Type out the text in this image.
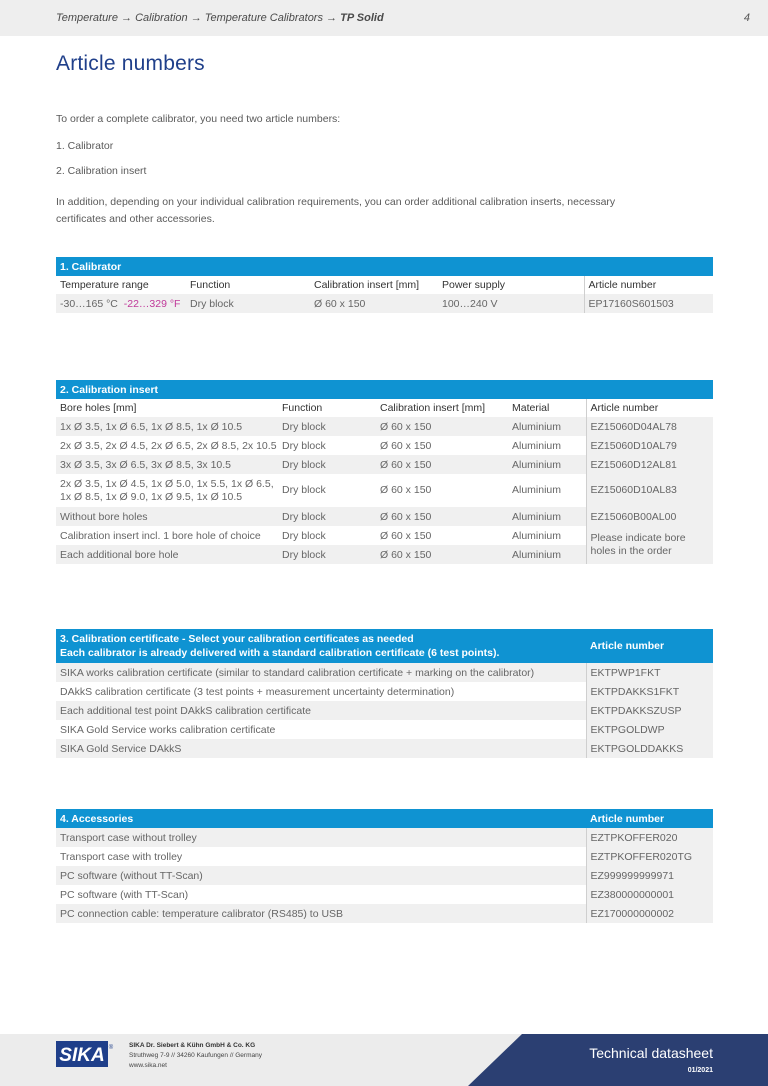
Temperature → Calibration → Temperature Calibrators → TP Solid	4
Article numbers
To order a complete calibrator, you need two article numbers:
1. Calibrator
2. Calibration insert
In addition, depending on your individual calibration requirements, you can order additional calibration inserts, necessary certificates and other accessories.
1. Calibrator				
Temperature range	Function	Calibration insert [mm]	Power supply	Article number
-30…165 °C -22…329 °F	Dry block	Ø 60 x 150	100…240 V	EP17160S601503
2. Calibration insert				
Bore holes [mm]	Function	Calibration insert [mm]	Material	Article number
1x Ø 3.5, 1x Ø 6.5, 1x Ø 8.5, 1x Ø 10.5	Dry block	Ø 60 x 150	Aluminium	EZ15060D04AL78
2x Ø 3.5, 2x Ø 4.5, 2x Ø 6.5, 2x Ø 8.5, 2x 10.5	Dry block	Ø 60 x 150	Aluminium	EZ15060D10AL79
3x Ø 3.5, 3x Ø 6.5, 3x Ø 8.5, 3x 10.5	Dry block	Ø 60 x 150	Aluminium	EZ15060D12AL81
2x Ø 3.5, 1x Ø 4.5, 1x Ø 5.0, 1x 5.5, 1x Ø 6.5, 1x Ø 8.5, 1x Ø 9.0, 1x Ø 9.5, 1x Ø 10.5	Dry block	Ø 60 x 150	Aluminium	EZ15060D10AL83
Without bore holes	Dry block	Ø 60 x 150	Aluminium	EZ15060B00AL00
Calibration insert incl. 1 bore hole of choice	Dry block	Ø 60 x 150	Aluminium	Please indicate bore holes in the order
Each additional bore hole	Dry block	Ø 60 x 150	Aluminium	
3. Calibration certificate - Select your calibration certificates as needed
Each calibrator is already delivered with a standard calibration certificate (6 test points).	Article number
SIKA works calibration certificate (similar to standard calibration certificate + marking on the calibrator)	EKTPWP1FKT
DAkkS calibration certificate (3 test points + measurement uncertainty determination)	EKTPDAKKS1FKT
Each additional test point DAkkS calibration certificate	EKTPDAKKSZUSP
SIKA Gold Service works calibration certificate	EKTPGOLDWP
SIKA Gold Service DAkkS	EKTPGOLDDAKKS
4. Accessories	Article number
Transport case without trolley	EZTPKOFFER020
Transport case with trolley	EZTPKOFFER020TG
PC software (without TT-Scan)	EZ999999999971
PC software (with TT-Scan)	EZ380000000001
PC connection cable: temperature calibrator (RS485) to USB	EZ170000000002
SIKA ® SIKA Dr. Siebert & Kühn GmbH & Co. KG
Struthweg 7-9 // 34260 Kaufungen // Germany
www.sika.net
Technical datasheet
01/2021
